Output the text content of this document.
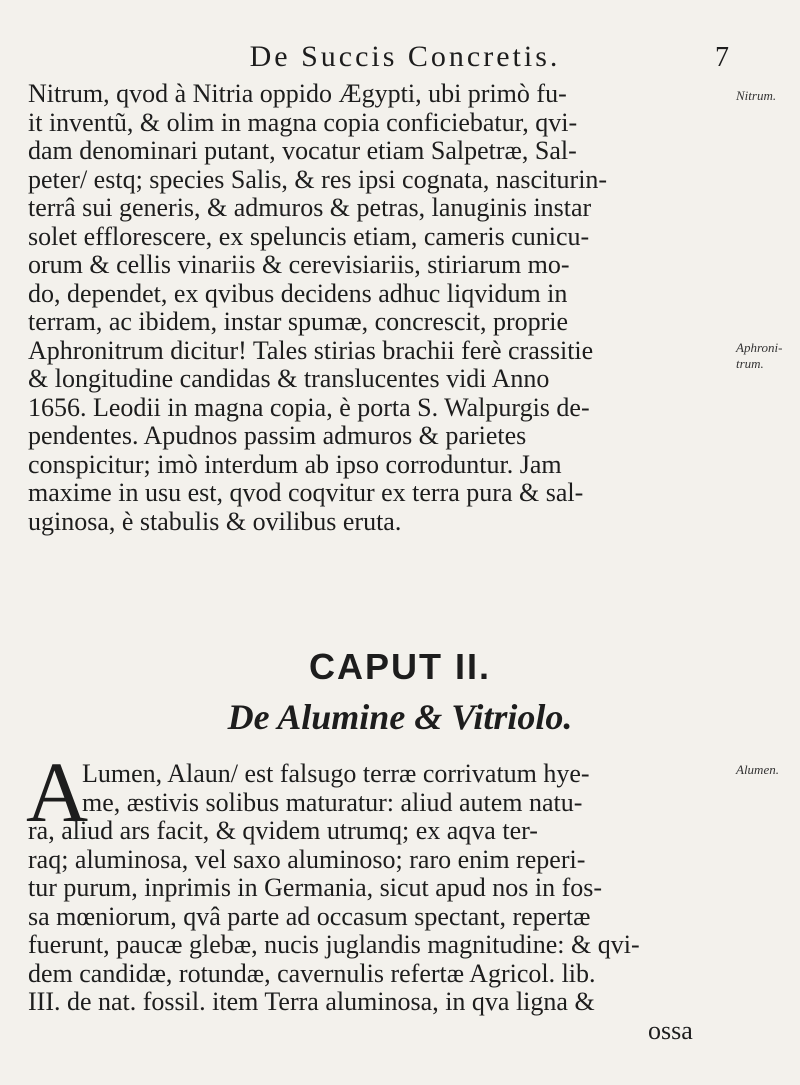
De Succis Concretis.	7
Nitrum, qvod à Nitria oppido Ægypti, ubi primò fu-
it inventũ, & olim in magna copia conficiebatur, qvi-
dam denominari putant, vocatur etiam Salpetræ, Sal-
peter/ estq; species Salis, & res ipsi cognata, nasciturin-
terrâ sui generis, & admuros & petras, lanuginis instar
solet efflorescere, ex speluncis etiam, cameris cunicu-
orum & cellis vinariis & cerevisiariis, stiriarum mo-
do, dependet, ex qvibus decidens adhuc liqvidum in
terram, ac ibidem, instar spumæ, concrescit, proprie
Aphronitrum dicitur! Tales stirias brachii ferè crassitie
& longitudine candidas & translucentes vidi Anno
1656. Leodii in magna copia, è porta S. Walpurgis de-
pendentes. Apudnos passim admuros & parietes
conspicitur; imò interdum ab ipso corroduntur. Jam
maxime in usu est, qvod coqvitur ex terra pura & sal-
uginosa, è stabulis & ovilibus eruta.
Nitrum.
Aphroni-trum.
Alumen.
CAPUT II.
De Alumine & Vitriolo.
A
Lumen, Alaun/ est falsugo terræ corrivatum hye-
me, æstivis solibus maturatur: aliud autem natu-
ra, aliud ars facit, & qvidem utrumq; ex aqva ter-
raq; aluminosa, vel saxo aluminoso; raro enim reperi-
tur purum, inprimis in Germania, sicut apud nos in fos-
sa mœniorum, qvâ parte ad occasum spectant, repertæ
fuerunt, paucæ glebæ, nucis juglandis magnitudine: & qvi-
dem candidæ, rotundæ, cavernulis refertæ Agricol. lib.
III. de nat. fossil. item Terra aluminosa, in qva ligna &
ossa
